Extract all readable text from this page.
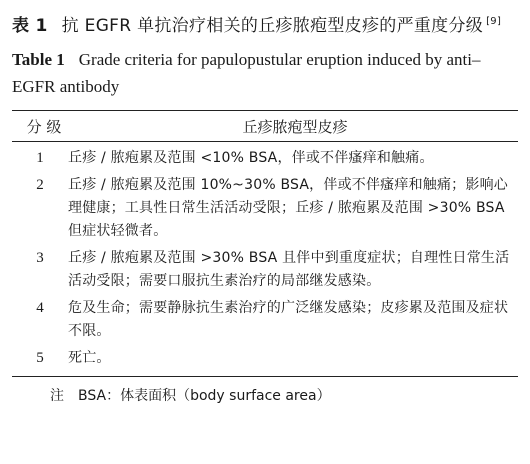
表 1 抗 EGFR 单抗治疗相关的丘疹脓疱型皮疹的严重度分级 [9]
Table 1 Grade criteria for papulopustular eruption induced by anti–EGFR antibody
分 级	丘疹脓疱型皮疹
1	丘疹 / 脓疱累及范围 <10% BSA，伴或不伴瘙痒和触痛。
2	丘疹 / 脓疱累及范围 10%~30% BSA，伴或不伴瘙痒和触痛；影响心理健康；工具性日常生活活动受限；丘疹 / 脓疱累及范围 >30% BSA 但症状轻微者。
3	丘疹 / 脓疱累及范围 >30% BSA 且伴中到重度症状；自理性日常生活活动受限；需要口服抗生素治疗的局部继发感染。
4	危及生命；需要静脉抗生素治疗的广泛继发感染；皮疹累及范围及症状不限。
5	死亡。
注　BSA：体表面积（body surface area）
